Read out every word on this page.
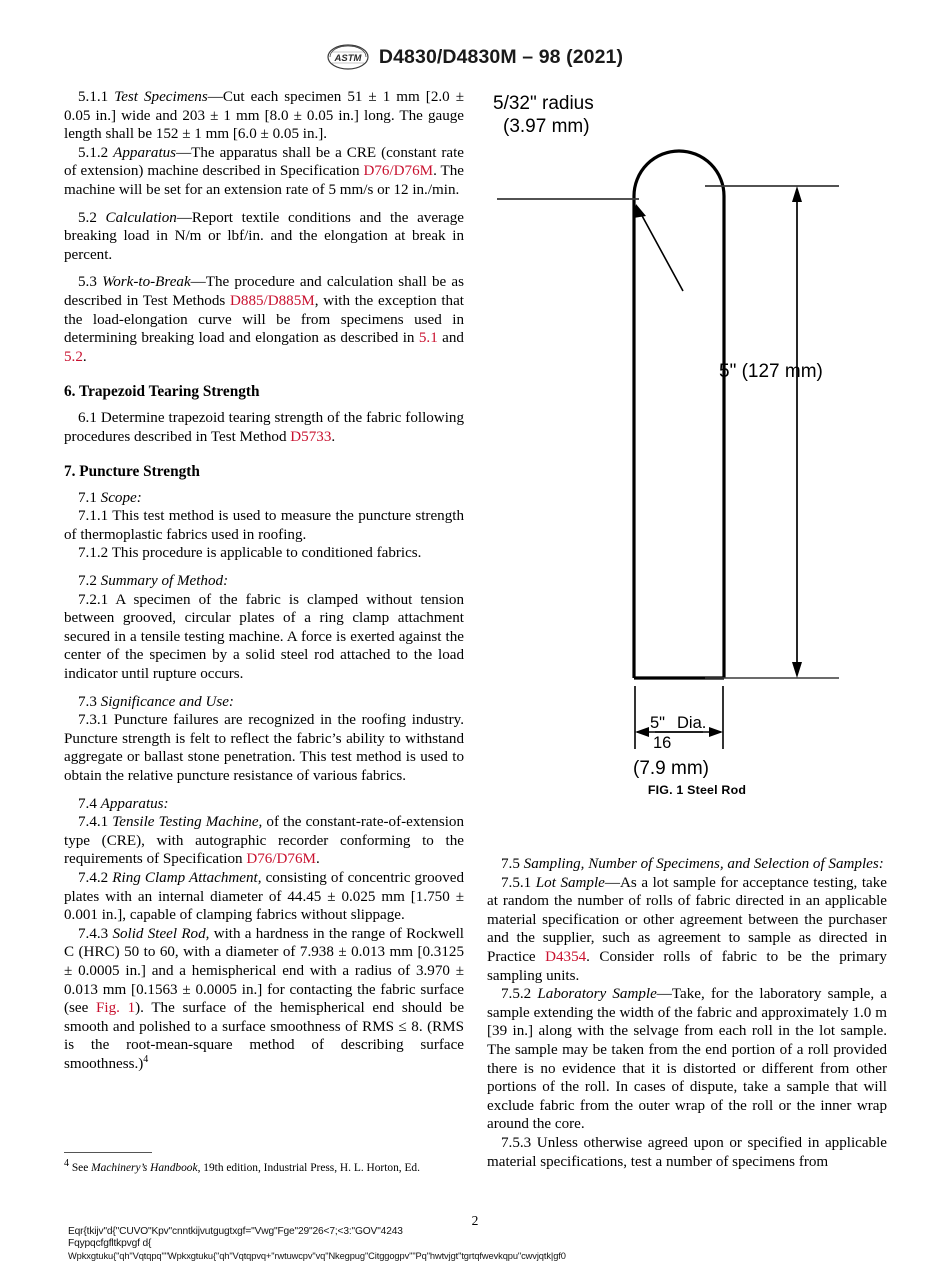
ASTM D4830/D4830M – 98 (2021)

5.1.1 Test Specimens—Cut each specimen 51 ± 1 mm [2.0 ± 0.05 in.] wide and 203 ± 1 mm [8.0 ± 0.05 in.] long. The gauge length shall be 152 ± 1 mm [6.0 ± 0.05 in.].

5.1.2 Apparatus—The apparatus shall be a CRE (constant rate of extension) machine described in Specification D76/D76M. The machine will be set for an extension rate of 5 mm/s or 12 in./min.

5.2 Calculation—Report textile conditions and the average breaking load in N/m or lbf/in. and the elongation at break in percent.

5.3 Work-to-Break—The procedure and calculation shall be as described in Test Methods D885/D885M, with the exception that the load-elongation curve will be from specimens used in determining breaking load and elongation as described in 5.1 and 5.2.

6. Trapezoid Tearing Strength

6.1 Determine trapezoid tearing strength of the fabric following procedures described in Test Method D5733.

7. Puncture Strength

7.1 Scope:

7.1.1 This test method is used to measure the puncture strength of thermoplastic fabrics used in roofing.

7.1.2 This procedure is applicable to conditioned fabrics.

7.2 Summary of Method:

7.2.1 A specimen of the fabric is clamped without tension between grooved, circular plates of a ring clamp attachment secured in a tensile testing machine. A force is exerted against the center of the specimen by a solid steel rod attached to the load indicator until rupture occurs.

7.3 Significance and Use:

7.3.1 Puncture failures are recognized in the roofing industry. Puncture strength is felt to reflect the fabric’s ability to withstand aggregate or ballast stone penetration. This test method is used to obtain the relative puncture resistance of various fabrics.

7.4 Apparatus:

7.4.1 Tensile Testing Machine, of the constant-rate-of-extension type (CRE), with autographic recorder conforming to the requirements of Specification D76/D76M.

7.4.2 Ring Clamp Attachment, consisting of concentric grooved plates with an internal diameter of 44.45 ± 0.025 mm [1.750 ± 0.001 in.], capable of clamping fabrics without slippage.

7.4.3 Solid Steel Rod, with a hardness in the range of Rockwell C (HRC) 50 to 60, with a diameter of 7.938 ± 0.013 mm [0.3125 ± 0.0005 in.] and a hemispherical end with a radius of 3.970 ± 0.013 mm [0.1563 ± 0.0005 in.] for contacting the fabric surface (see Fig. 1). The surface of the hemispherical end should be smooth and polished to a surface smoothness of RMS ≤ 8. (RMS is the root-mean-square method of describing surface smoothness.)$^4$

$^4$ See Machinery’s Handbook, 19th edition, Industrial Press, H. L. Horton, Ed.

5/32" radius
(3.97 mm)
5" (127 mm)
5"
16
Dia.
(7.9 mm)
FIG. 1 Steel Rod

7.5 Sampling, Number of Specimens, and Selection of Samples:

7.5.1 Lot Sample—As a lot sample for acceptance testing, take at random the number of rolls of fabric directed in an applicable material specification or other agreement between the purchaser and the supplier, such as agreement to sample as directed in Practice D4354. Consider rolls of fabric to be the primary sampling units.

7.5.2 Laboratory Sample—Take, for the laboratory sample, a sample extending the width of the fabric and approximately 1.0 m [39 in.] along with the selvage from each roll in the lot sample. The sample may be taken from the end portion of a roll provided there is no evidence that it is distorted or different from other portions of the roll. In cases of dispute, take a sample that will exclude fabric from the outer wrap of the roll or the inner wrap around the core.

7.5.3 Unless otherwise agreed upon or specified in applicable material specifications, test a number of specimens from

2
Eqr{tkijv"d{"CUVO"Kpv"cnntkijvutgugtxgf="Vwg"Fge"29"26<7;<3:"GOV"4243
Fqypqcfgfltkpvgf d{
Wpkxgtuku{"qh"Vqtqpq""Wpkxgtuku{"qh"Vqtqpvq+"rwtuwcpv"vq"Nkegpug"Citggogpv""Pq"hwtvjgt"tgrtqfwevkqpu"cwvjqtk|gf0
